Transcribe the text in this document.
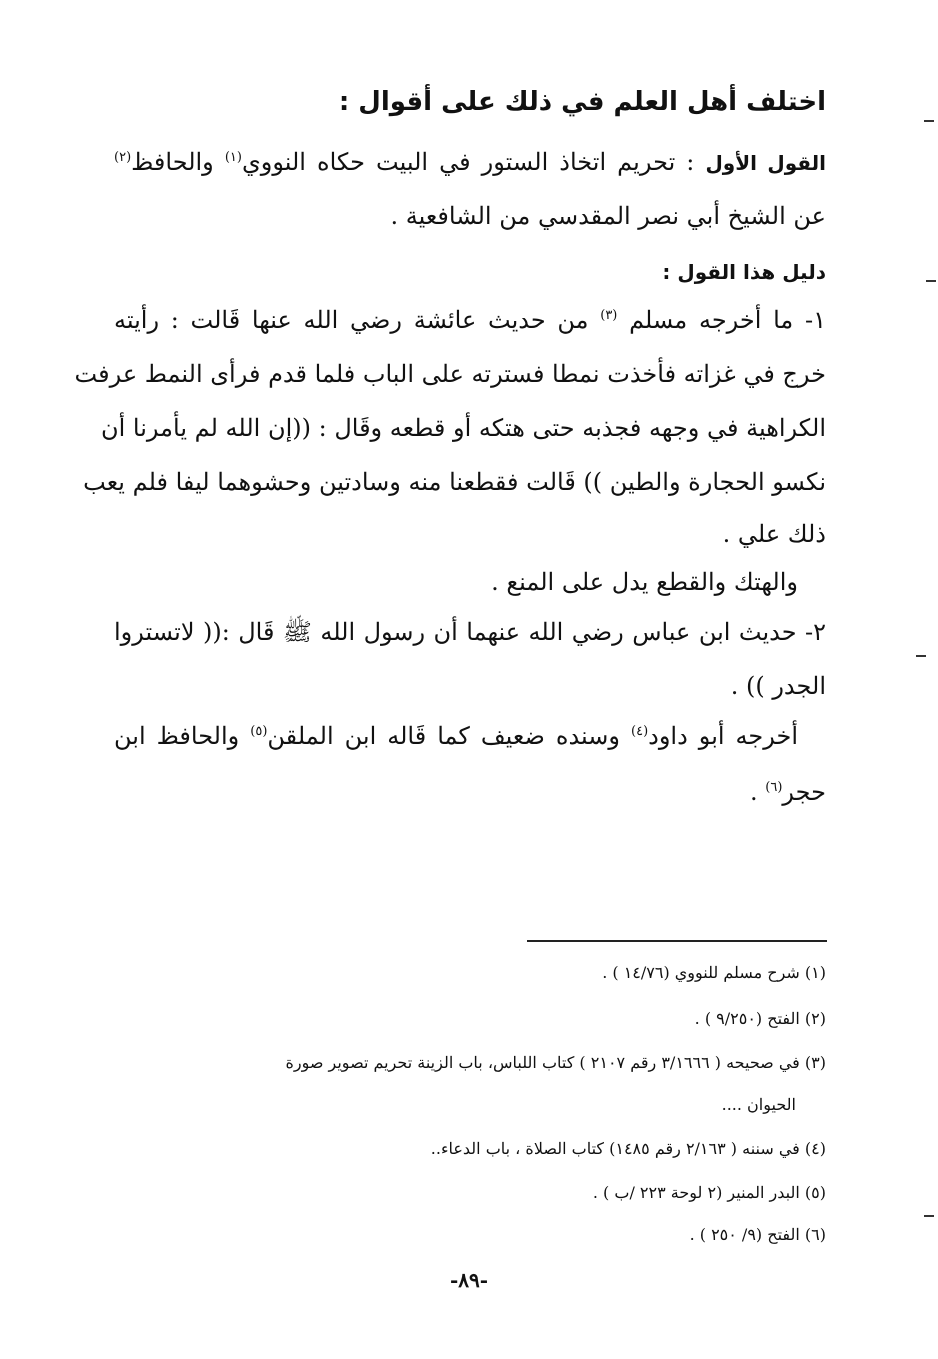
اختلف أهل العلم في ذلك على أقوال :
القول الأول : تحريم اتخاذ الستور في البيت حكاه النووي$^{(١)}$ والحافظ$^{(٢)}$
عن الشيخ أبي نصر المقدسي من الشافعية .
دليل هذا القول :
١- ما أخرجه مسلم $^{(٣)}$ من حديث عائشة رضي الله عنها قَالت : رأيته
خرج في غزاته فأخذت نمطا فسترته على الباب فلما قدم فرأى النمط عرفت
الكراهية في وجهه فجذبه حتى هتكه أو قطعه وقَال : ((إن الله لم يأمرنا أن
نكسو الحجارة والطين )) قَالت فقطعنا منه وسادتين وحشوهما ليفا فلم يعب
ذلك علي .
والهتك والقطع يدل على المنع .
٢- حديث ابن عباس رضي الله عنهما أن رسول الله ﷺ قَال :(( لاتستروا
الجدر )) .
أخرجه أبو داود$^{(٤)}$ وسنده ضعيف كما قَاله ابن الملقن$^{(٥)}$ والحافظ ابن
حجر$^{(٦)}$ .
(١) شرح مسلم للنووي (١٤/٧٦ ) .
(٢) الفتح (٩/٢٥٠ ) .
(٣) في صحيحه ( ٣/١٦٦٦ رقم ٢١٠٧ ) كتاب اللباس، باب الزينة تحريم تصوير صورة
الحيوان ....
(٤) في سننه ( ٢/١٦٣ رقم ١٤٨٥) كتاب الصلاة ، باب الدعاء..
(٥) البدر المنير (٢ لوحة ٢٢٣ /ب ) .
(٦) الفتح (٩/ ٢٥٠ ) .
-٨٩-
